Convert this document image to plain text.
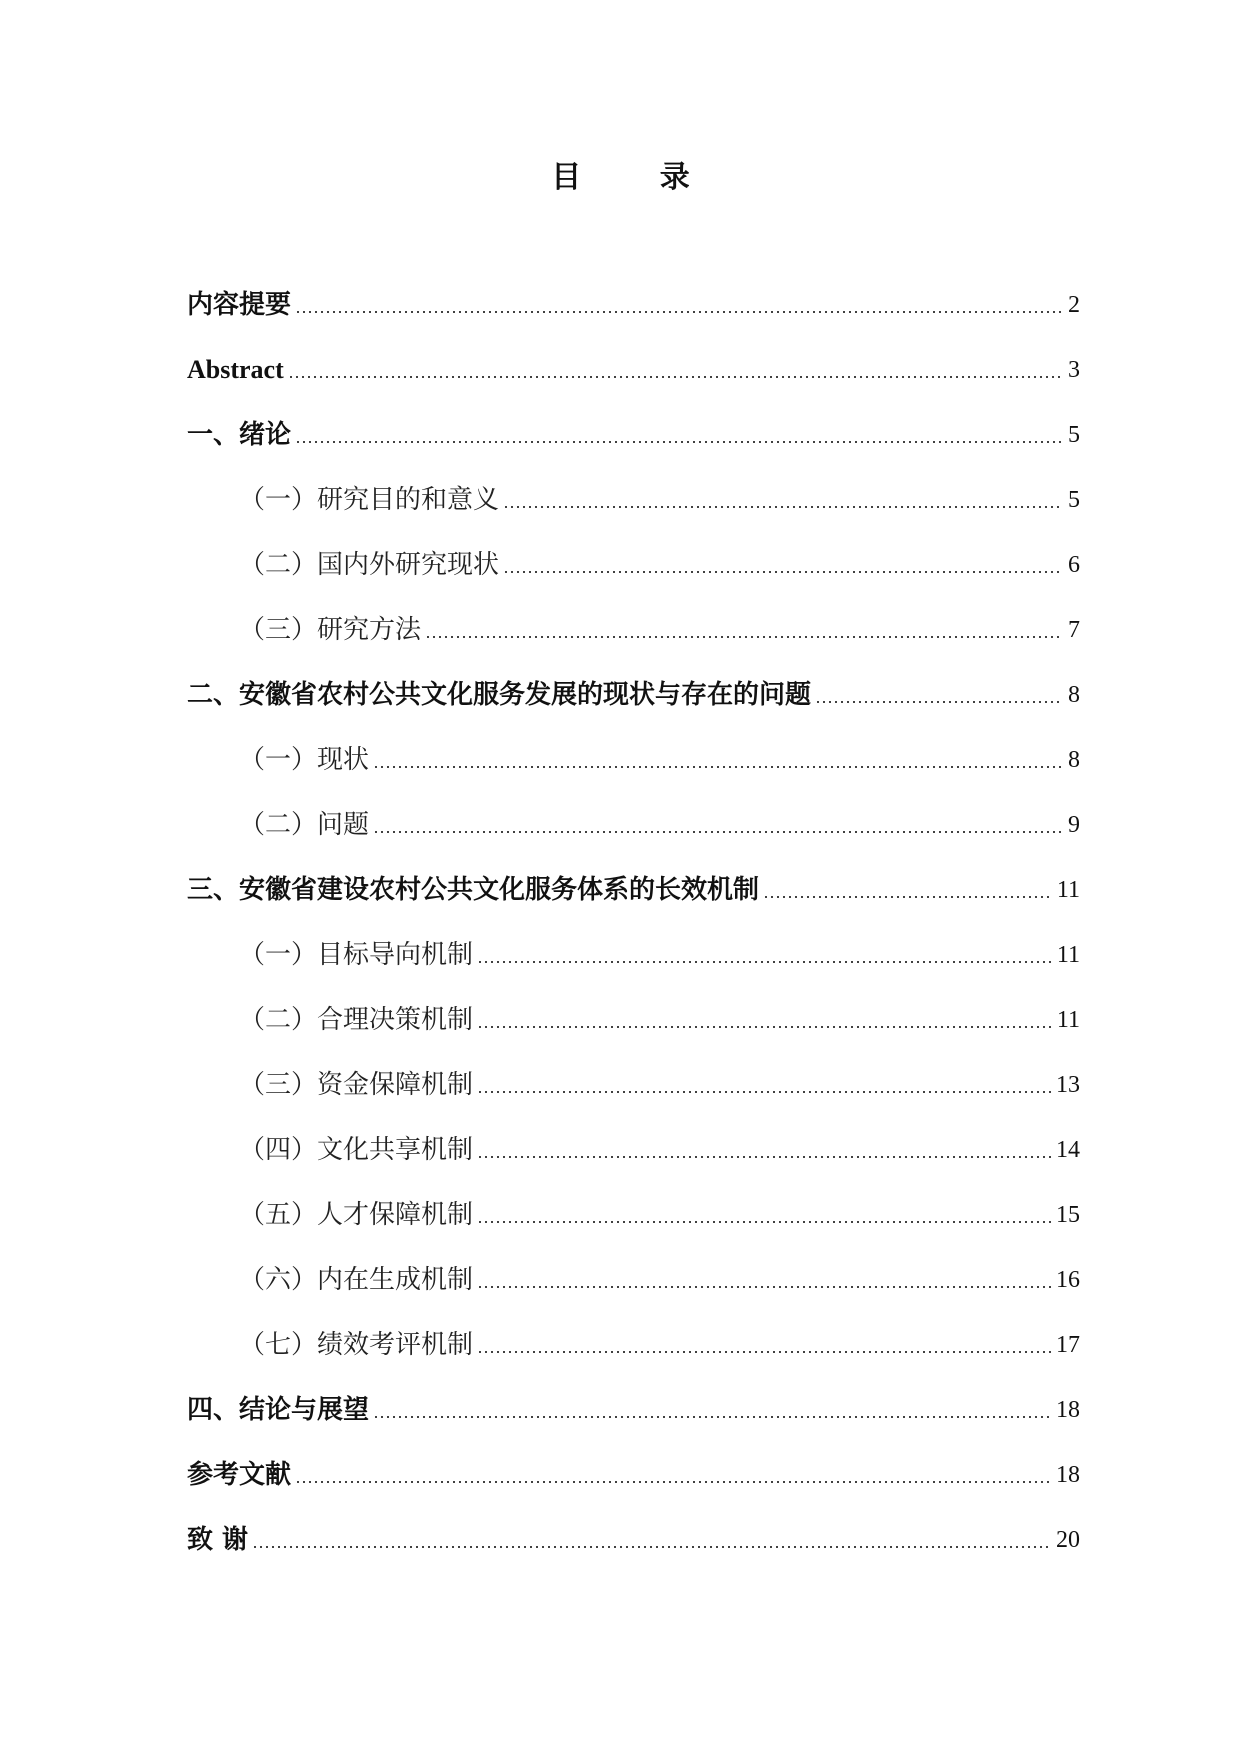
目 录
内容提要	2
Abstract	3
一、绪论	5
（一）研究目的和意义	5
（二）国内外研究现状	6
（三）研究方法	7
二、安徽省农村公共文化服务发展的现状与存在的问题	8
（一）现状	8
（二）问题	9
三、安徽省建设农村公共文化服务体系的长效机制	11
（一）目标导向机制	11
（二）合理决策机制	11
（三）资金保障机制	13
（四）文化共享机制	14
（五）人才保障机制	15
（六）内在生成机制	16
（七）绩效考评机制	17
四、结论与展望	18
参考文献	18
致 谢	20
